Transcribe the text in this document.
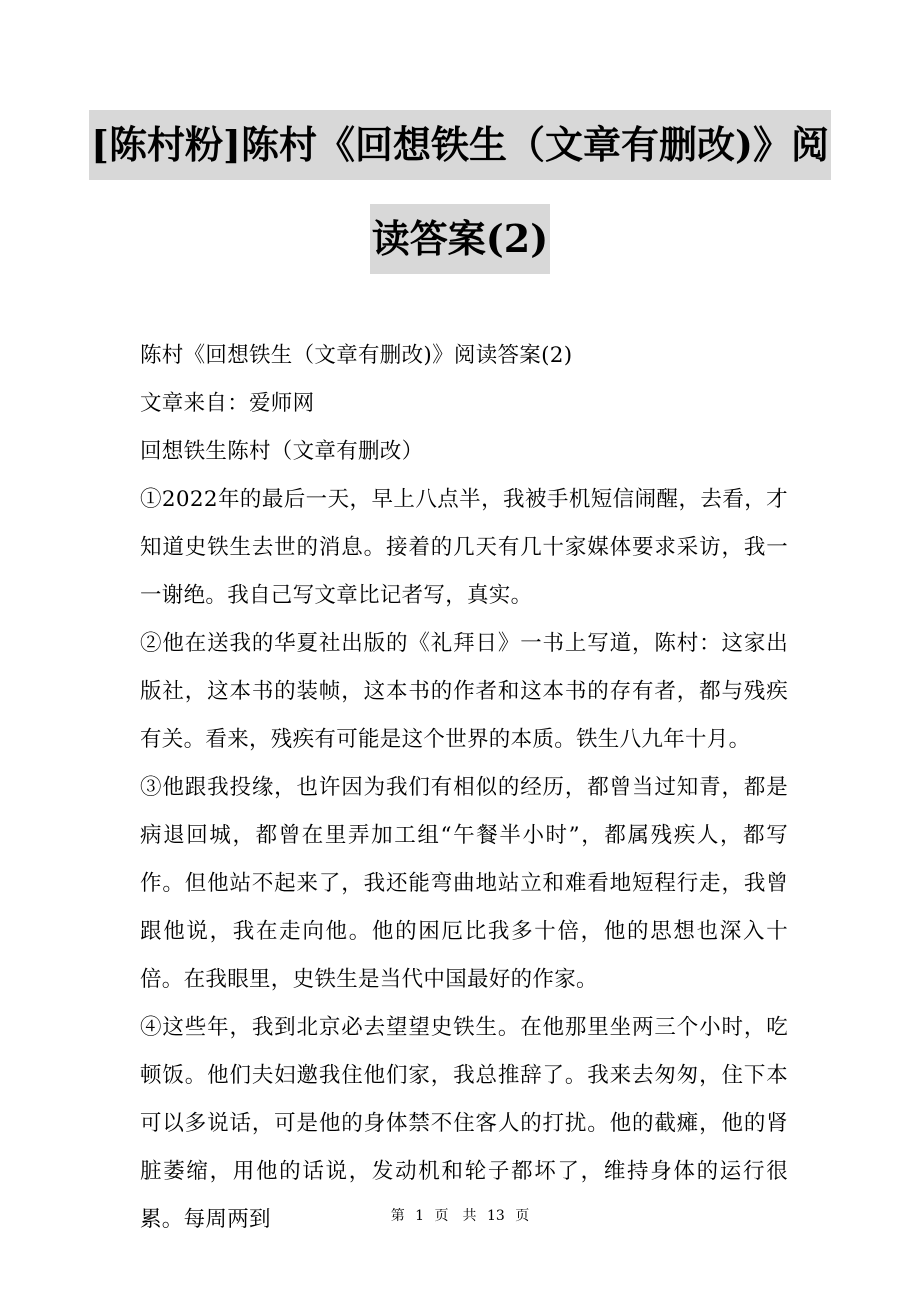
[陈村粉]陈村《回想铁生（文章有删改)》阅
读答案(2)

陈村《回想铁生（文章有删改)》阅读答案(2)

文章来自：爱师网

回想铁生陈村（文章有删改）

①2022年的最后一天，早上八点半，我被手机短信闹醒，去看，才知道史铁生去世的消息。接着的几天有几十家媒体要求采访，我一一谢绝。我自己写文章比记者写，真实。

②他在送我的华夏社出版的《礼拜日》一书上写道，陈村：这家出版社，这本书的装帧，这本书的作者和这本书的存有者，都与残疾有关。看来，残疾有可能是这个世界的本质。铁生八九年十月。

③他跟我投缘，也许因为我们有相似的经历，都曾当过知青，都是病退回城，都曾在里弄加工组“午餐半小时”，都属残疾人，都写作。但他站不起来了，我还能弯曲地站立和难看地短程行走，我曾跟他说，我在走向他。他的困厄比我多十倍，他的思想也深入十倍。在我眼里，史铁生是当代中国最好的作家。

④这些年，我到北京必去望望史铁生。在他那里坐两三个小时，吃顿饭。他们夫妇邀我住他们家，我总推辞了。我来去匆匆，住下本可以多说话，可是他的身体禁不住客人的打扰。他的截瘫，他的肾脏萎缩，用他的话说，发动机和轮子都坏了，维持身体的运行很累。每周两到	第 1 页　共 13 页
